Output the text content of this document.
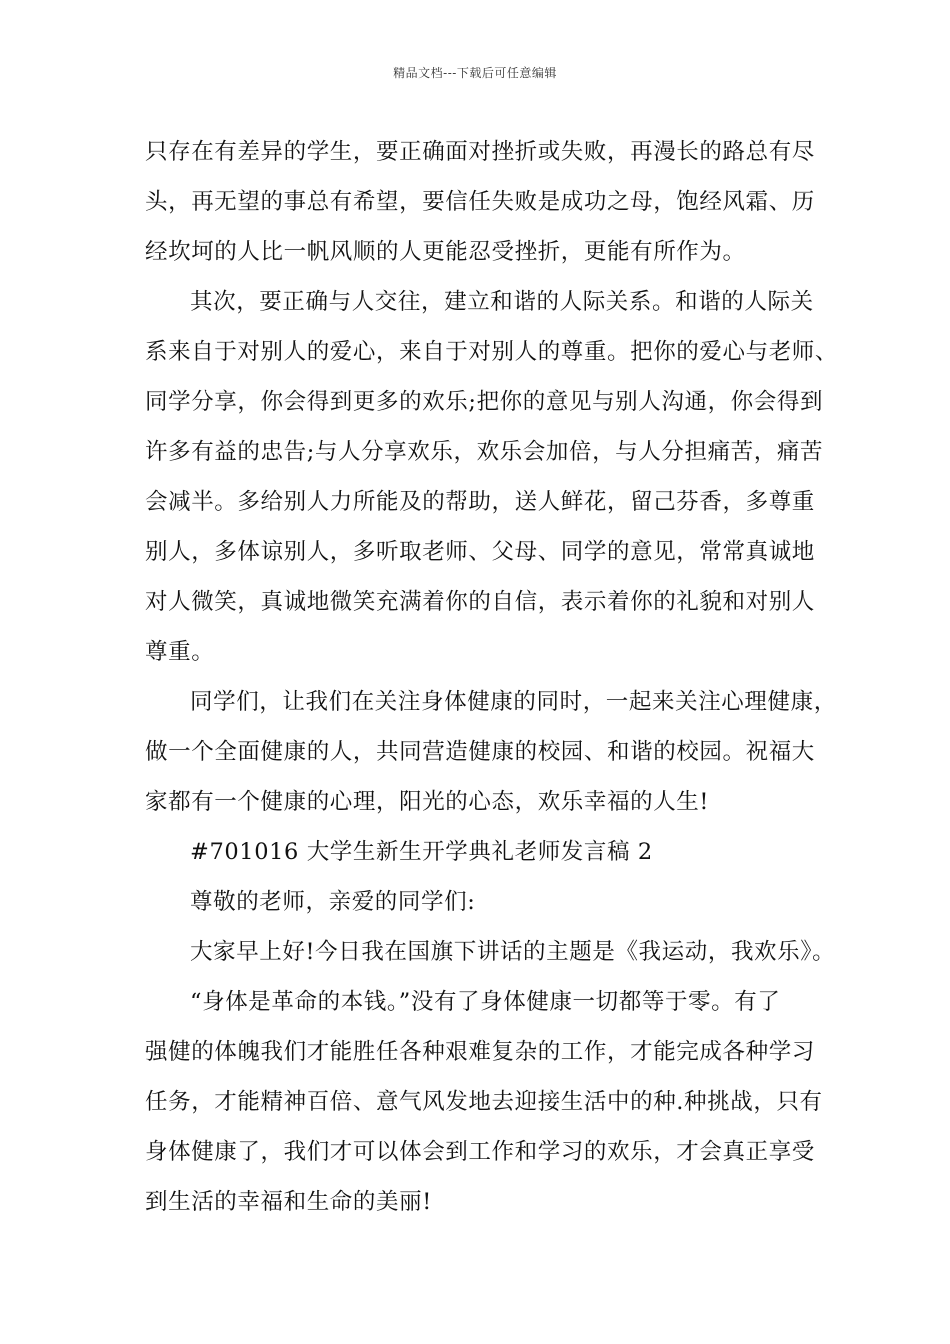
精品文档---下载后可任意编辑
只存在有差异的学生，要正确面对挫折或失败，再漫长的路总有尽
头，再无望的事总有希望，要信任失败是成功之母，饱经风霜、历
经坎坷的人比一帆风顺的人更能忍受挫折，更能有所作为。
其次，要正确与人交往，建立和谐的人际关系。和谐的人际关
系来自于对别人的爱心，来自于对别人的尊重。把你的爱心与老师、
同学分享，你会得到更多的欢乐;把你的意见与别人沟通，你会得到
许多有益的忠告;与人分享欢乐，欢乐会加倍，与人分担痛苦，痛苦
会减半。多给别人力所能及的帮助，送人鲜花，留己芬香，多尊重
别人，多体谅别人，多听取老师、父母、同学的意见，常常真诚地
对人微笑，真诚地微笑充满着你的自信，表示着你的礼貌和对别人
尊重。
同学们，让我们在关注身体健康的同时，一起来关注心理健康，
做一个全面健康的人，共同营造健康的校园、和谐的校园。祝福大
家都有一个健康的心理，阳光的心态，欢乐幸福的人生!
#701016 大学生新生开学典礼老师发言稿 2
尊敬的老师，亲爱的同学们:
大家早上好!今日我在国旗下讲话的主题是《我运动，我欢乐》。
“身体是革命的本钱。”没有了身体健康一切都等于零。有了
强健的体魄我们才能胜任各种艰难复杂的工作，才能完成各种学习
任务，才能精神百倍、意气风发地去迎接生活中的种.种挑战，只有
身体健康了，我们才可以体会到工作和学习的欢乐，才会真正享受
到生活的幸福和生命的美丽!
